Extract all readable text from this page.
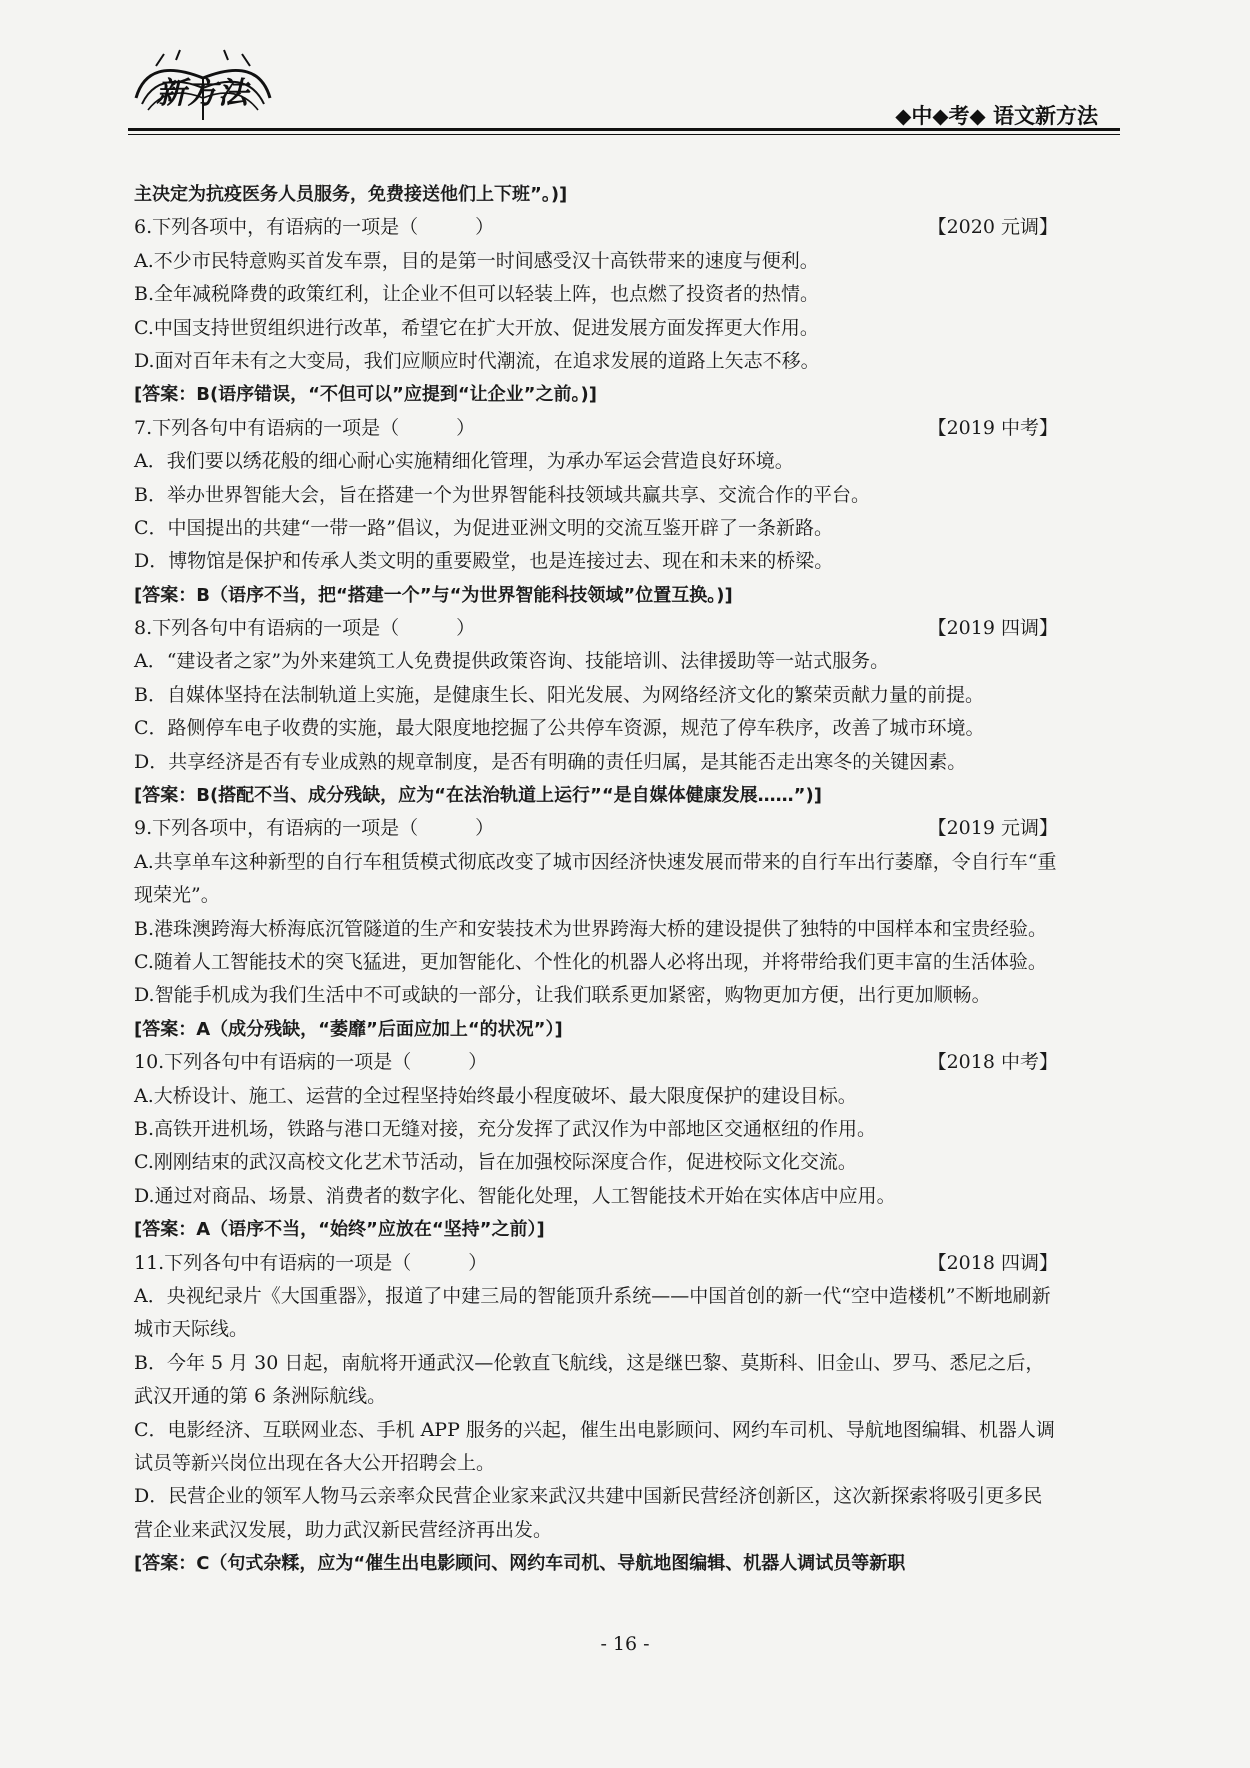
新方法
◆中◆考◆ 语文新方法
主决定为抗疫医务人员服务，免费接送他们上下班”。)]
6.下列各项中，有语病的一项是（　　　）	【2020 元调】
A.不少市民特意购买首发车票，目的是第一时间感受汉十高铁带来的速度与便利。
B.全年减税降费的政策红利，让企业不但可以轻装上阵，也点燃了投资者的热情。
C.中国支持世贸组织进行改革，希望它在扩大开放、促进发展方面发挥更大作用。
D.面对百年未有之大变局，我们应顺应时代潮流，在追求发展的道路上矢志不移。
[答案：B(语序错误，“不但可以”应提到“让企业”之前。)]
7.下列各句中有语病的一项是（　　　）	【2019 中考】
A．我们要以绣花般的细心耐心实施精细化管理，为承办军运会营造良好环境。
B．举办世界智能大会，旨在搭建一个为世界智能科技领域共赢共享、交流合作的平台。
C．中国提出的共建“一带一路”倡议，为促进亚洲文明的交流互鉴开辟了一条新路。
D．博物馆是保护和传承人类文明的重要殿堂，也是连接过去、现在和未来的桥梁。
[答案：B（语序不当，把“搭建一个”与“为世界智能科技领域”位置互换。)]
8.下列各句中有语病的一项是（　　　）	【2019 四调】
A．“建设者之家”为外来建筑工人免费提供政策咨询、技能培训、法律援助等一站式服务。
B．自媒体坚持在法制轨道上实施，是健康生长、阳光发展、为网络经济文化的繁荣贡献力量的前提。
C．路侧停车电子收费的实施，最大限度地挖掘了公共停车资源，规范了停车秩序，改善了城市环境。
D．共享经济是否有专业成熟的规章制度，是否有明确的责任归属，是其能否走出寒冬的关键因素。
[答案：B(搭配不当、成分残缺，应为“在法治轨道上运行”“是自媒体健康发展……”)]
9.下列各项中，有语病的一项是（　　　）	【2019 元调】
A.共享单车这种新型的自行车租赁模式彻底改变了城市因经济快速发展而带来的自行车出行萎靡，令自行车“重现荣光”。
B.港珠澳跨海大桥海底沉管隧道的生产和安装技术为世界跨海大桥的建设提供了独特的中国样本和宝贵经验。
C.随着人工智能技术的突飞猛进，更加智能化、个性化的机器人必将出现，并将带给我们更丰富的生活体验。
D.智能手机成为我们生活中不可或缺的一部分，让我们联系更加紧密，购物更加方便，出行更加顺畅。
[答案：A（成分残缺，“萎靡”后面应加上“的状况”）]
10.下列各句中有语病的一项是（　　　）	【2018 中考】
A.大桥设计、施工、运营的全过程坚持始终最小程度破坏、最大限度保护的建设目标。
B.高铁开进机场，铁路与港口无缝对接，充分发挥了武汉作为中部地区交通枢纽的作用。
C.刚刚结束的武汉高校文化艺术节活动，旨在加强校际深度合作，促进校际文化交流。
D.通过对商品、场景、消费者的数字化、智能化处理，人工智能技术开始在实体店中应用。
[答案：A（语序不当，“始终”应放在“坚持”之前）]
11.下列各句中有语病的一项是（　　　）	【2018 四调】
A．央视纪录片《大国重器》，报道了中建三局的智能顶升系统——中国首创的新一代“空中造楼机”不断地刷新城市天际线。
B．今年 5 月 30 日起，南航将开通武汉—伦敦直飞航线，这是继巴黎、莫斯科、旧金山、罗马、悉尼之后，武汉开通的第 6 条洲际航线。
C．电影经济、互联网业态、手机 APP 服务的兴起，催生出电影顾问、网约车司机、导航地图编辑、机器人调试员等新兴岗位出现在各大公开招聘会上。
D．民营企业的领军人物马云亲率众民营企业家来武汉共建中国新民营经济创新区，这次新探索将吸引更多民营企业来武汉发展，助力武汉新民营经济再出发。
[答案：C（句式杂糅，应为“催生出电影顾问、网约车司机、导航地图编辑、机器人调试员等新职
- 16 -
